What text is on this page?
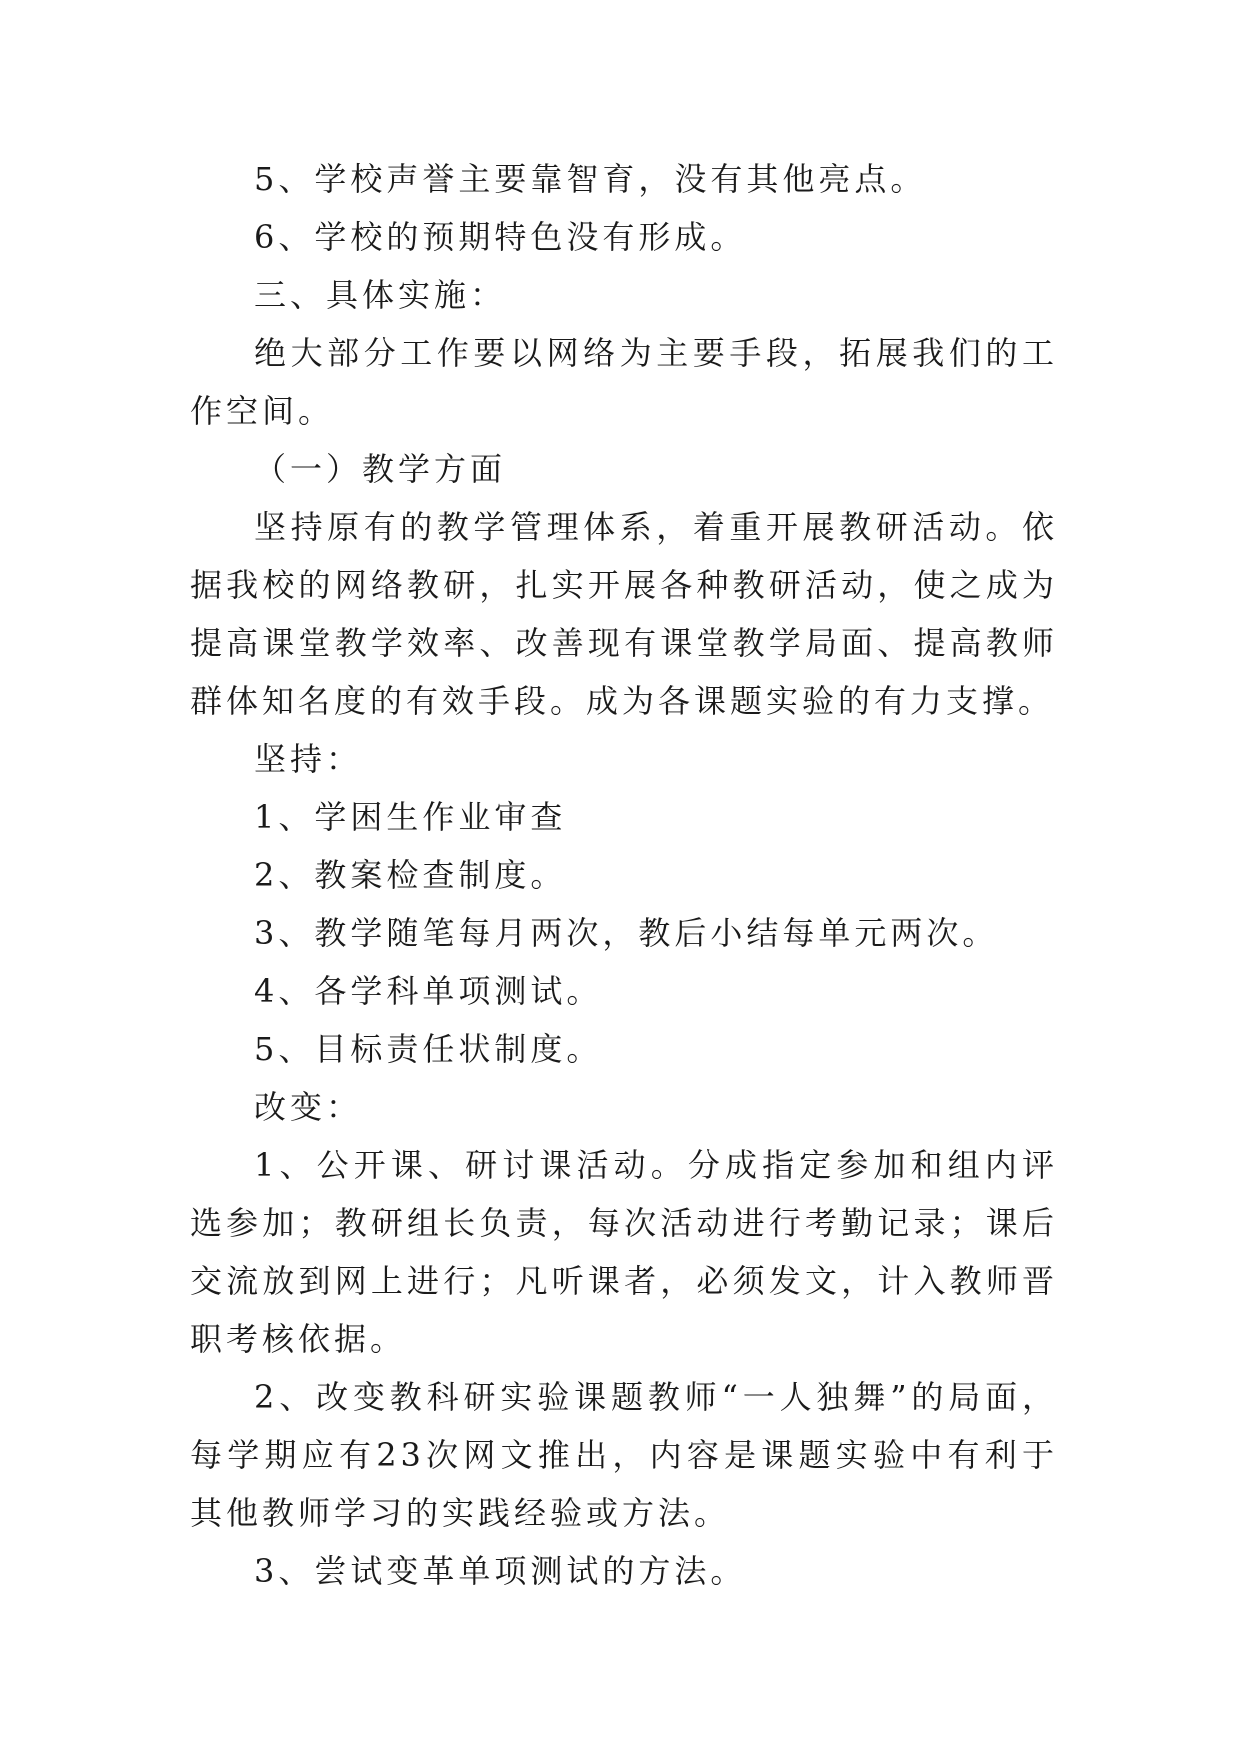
5、学校声誉主要靠智育，没有其他亮点。

6、学校的预期特色没有形成。

三、具体实施：

绝大部分工作要以网络为主要手段，拓展我们的工作空间。

（一）教学方面

坚持原有的教学管理体系，着重开展教研活动。依据我校的网络教研，扎实开展各种教研活动，使之成为提高课堂教学效率、改善现有课堂教学局面、提高教师群体知名度的有效手段。成为各课题实验的有力支撑。

坚持：

1、学困生作业审查

2、教案检查制度。

3、教学随笔每月两次，教后小结每单元两次。

4、各学科单项测试。

5、目标责任状制度。

改变：

1、公开课、研讨课活动。分成指定参加和组内评选参加；教研组长负责，每次活动进行考勤记录；课后交流放到网上进行；凡听课者，必须发文，计入教师晋职考核依据。

2、改变教科研实验课题教师“一人独舞”的局面，每学期应有23次网文推出，内容是课题实验中有利于其他教师学习的实践经验或方法。

3、尝试变革单项测试的方法。
